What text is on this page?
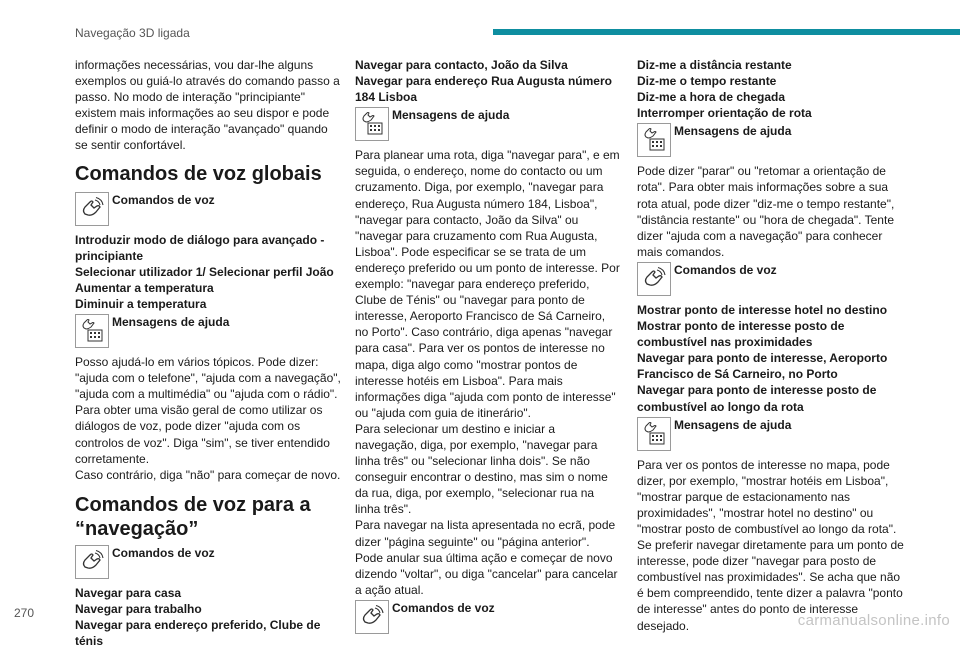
Navegação 3D ligada

informações necessárias, vou dar-lhe alguns exemplos ou guiá-lo através do comando passo a passo. No modo de interação "principiante" existem mais informações ao seu dispor e pode definir o modo de interação "avançado" quando se sentir confortável.

Comandos de voz globais
Comandos de voz

Introduzir modo de diálogo para avançado - principiante

Selecionar utilizador 1/ Selecionar perfil João

Aumentar a temperatura

Diminuir a temperatura

Mensagens de ajuda

Posso ajudá-lo em vários tópicos. Pode dizer: "ajuda com o telefone", "ajuda com a navegação", "ajuda com a multimédia" ou "ajuda com o rádio". Para obter uma visão geral de como utilizar os diálogos de voz, pode dizer "ajuda com os controlos de voz". Diga "sim", se tiver entendido corretamente.

Caso contrário, diga "não" para começar de novo.

Comandos de voz para a “navegação”
Comandos de voz

Navegar para casa

Navegar para trabalho

Navegar para endereço preferido, Clube de ténis

Navegar para contacto, João da Silva

Navegar para endereço Rua Augusta número 184 Lisboa

Mensagens de ajuda

Para planear uma rota, diga "navegar para", e em seguida, o endereço, nome do contacto ou um cruzamento. Diga, por exemplo, "navegar para endereço, Rua Augusta número 184, Lisboa", "navegar para contacto, João da Silva" ou "navegar para cruzamento com Rua Augusta, Lisboa". Pode especificar se se trata de um endereço preferido ou um ponto de interesse. Por exemplo: "navegar para endereço preferido, Clube de Ténis" ou "navegar para ponto de interesse, Aeroporto Francisco de Sá Carneiro, no Porto". Caso contrário, diga apenas "navegar para casa". Para ver os pontos de interesse no mapa, diga algo como "mostrar pontos de interesse hotéis em Lisboa". Para mais informações diga "ajuda com ponto de interesse" ou "ajuda com guia de itinerário".

Para selecionar um destino e iniciar a navegação, diga, por exemplo, "navegar para linha três" ou "selecionar linha dois". Se não conseguir encontrar o destino, mas sim o nome da rua, diga, por exemplo, "selecionar rua na linha três".

Para navegar na lista apresentada no ecrã, pode dizer "página seguinte" ou "página anterior". Pode anular sua última ação e começar de novo dizendo "voltar", ou diga "cancelar" para cancelar a ação atual.

Comandos de voz

Diz-me a distância restante

Diz-me o tempo restante

Diz-me a hora de chegada

Interromper orientação de rota

Mensagens de ajuda

Pode dizer "parar" ou "retomar a orientação de rota". Para obter mais informações sobre a sua rota atual, pode dizer "diz-me o tempo restante", "distância restante" ou "hora de chegada". Tente dizer "ajuda com a navegação" para conhecer mais comandos.

Comandos de voz

Mostrar ponto de interesse hotel no destino

Mostrar ponto de interesse posto de combustível nas proximidades

Navegar para ponto de interesse, Aeroporto Francisco de Sá Carneiro, no Porto

Navegar para ponto de interesse posto de combustível ao longo da rota

Mensagens de ajuda

Para ver os pontos de interesse no mapa, pode dizer, por exemplo, "mostrar hotéis em Lisboa", "mostrar parque de estacionamento nas proximidades", "mostrar hotel no destino" ou "mostrar posto de combustível ao longo da rota". Se preferir navegar diretamente para um ponto de interesse, pode dizer "navegar para posto de combustível nas proximidades". Se acha que não é bem compreendido, tente dizer a palavra "ponto de interesse" antes do ponto de interesse desejado.

270	carmanualsonline.info
